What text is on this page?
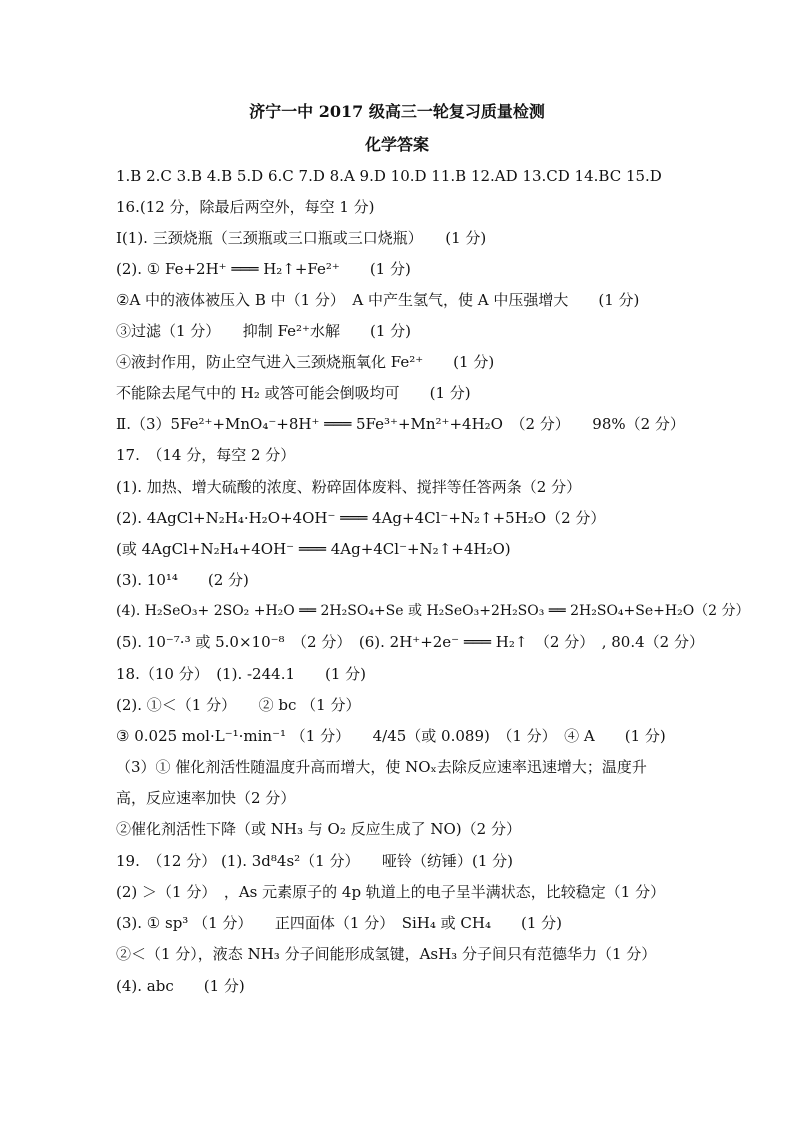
济宁一中 2017 级高三一轮复习质量检测
化学答案
1.B 2.C 3.B 4.B 5.D 6.C 7.D 8.A 9.D 10.D 11.B 12.AD 13.CD 14.BC 15.D
16.(12 分，除最后两空外，每空 1 分)
I(1). 三颈烧瓶（三颈瓶或三口瓶或三口烧瓶）　　(1 分)
(2). ① Fe+2H⁺ ═══ H₂↑+Fe²⁺　　(1 分)
②A 中的液体被压入 B 中（1 分）　A 中产生氢气，使 A 中压强增大　　(1 分)
③过滤（1 分）　　抑制 Fe²⁺水解　　(1 分)
④液封作用，防止空气进入三颈烧瓶氧化 Fe²⁺　　(1 分)
不能除去尾气中的 H₂ 或答可能会倒吸均可　　(1 分)
Ⅱ.（3）5Fe²⁺+MnO₄⁻+8H⁺ ═══ 5Fe³⁺+Mn²⁺+4H₂O　（2 分）　　98%（2 分）
17.　（14 分，每空 2 分）
(1). 加热、增大硫酸的浓度、粉碎固体废料、搅拌等任答两条（2 分）
(2). 4AgCl+N₂H₄·H₂O+4OH⁻ ═══ 4Ag+4Cl⁻+N₂↑+5H₂O（2 分）
(或 4AgCl+N₂H₄+4OH⁻ ═══ 4Ag+4Cl⁻+N₂↑+4H₂O)
(3). 10¹⁴　　(2 分)
(4). H₂SeO₃+ 2SO₂ +H₂O ══ 2H₂SO₄+Se 或 H₂SeO₃+2H₂SO₃ ══ 2H₂SO₄+Se+H₂O（2 分）
(5). 10⁻⁷·³ 或 5.0×10⁻⁸　（2 分）　(6). 2H⁺+2e⁻ ═══ H₂↑　（2 分）　, 80.4（2 分）
18.（10 分）　(1). -244.1　　(1 分)
(2). ①＜（1 分）　　② bc （1 分）
③ 0.025 mol·L⁻¹·min⁻¹ （1 分）　　4/45（或 0.089)　（1 分）　④ A　　(1 分)
（3）① 催化剂活性随温度升高而增大，使 NOₓ去除反应速率迅速增大；温度升高，反应速率加快（2 分）
②催化剂活性下降（或 NH₃ 与 O₂ 反应生成了 NO)（2 分）
19.　（12 分） (1). 3d⁸4s²（1 分）　　哑铃（纺锤）(1 分)
(2) ＞（1 分）　，As 元素原子的 4p 轨道上的电子呈半满状态，比较稳定（1 分）
(3). ① sp³ （1 分）　　正四面体（1 分）　SiH₄ 或 CH₄　　(1 分)
②＜（1 分），液态 NH₃ 分子间能形成氢键，AsH₃ 分子间只有范德华力（1 分）
(4). abc　　(1 分)
